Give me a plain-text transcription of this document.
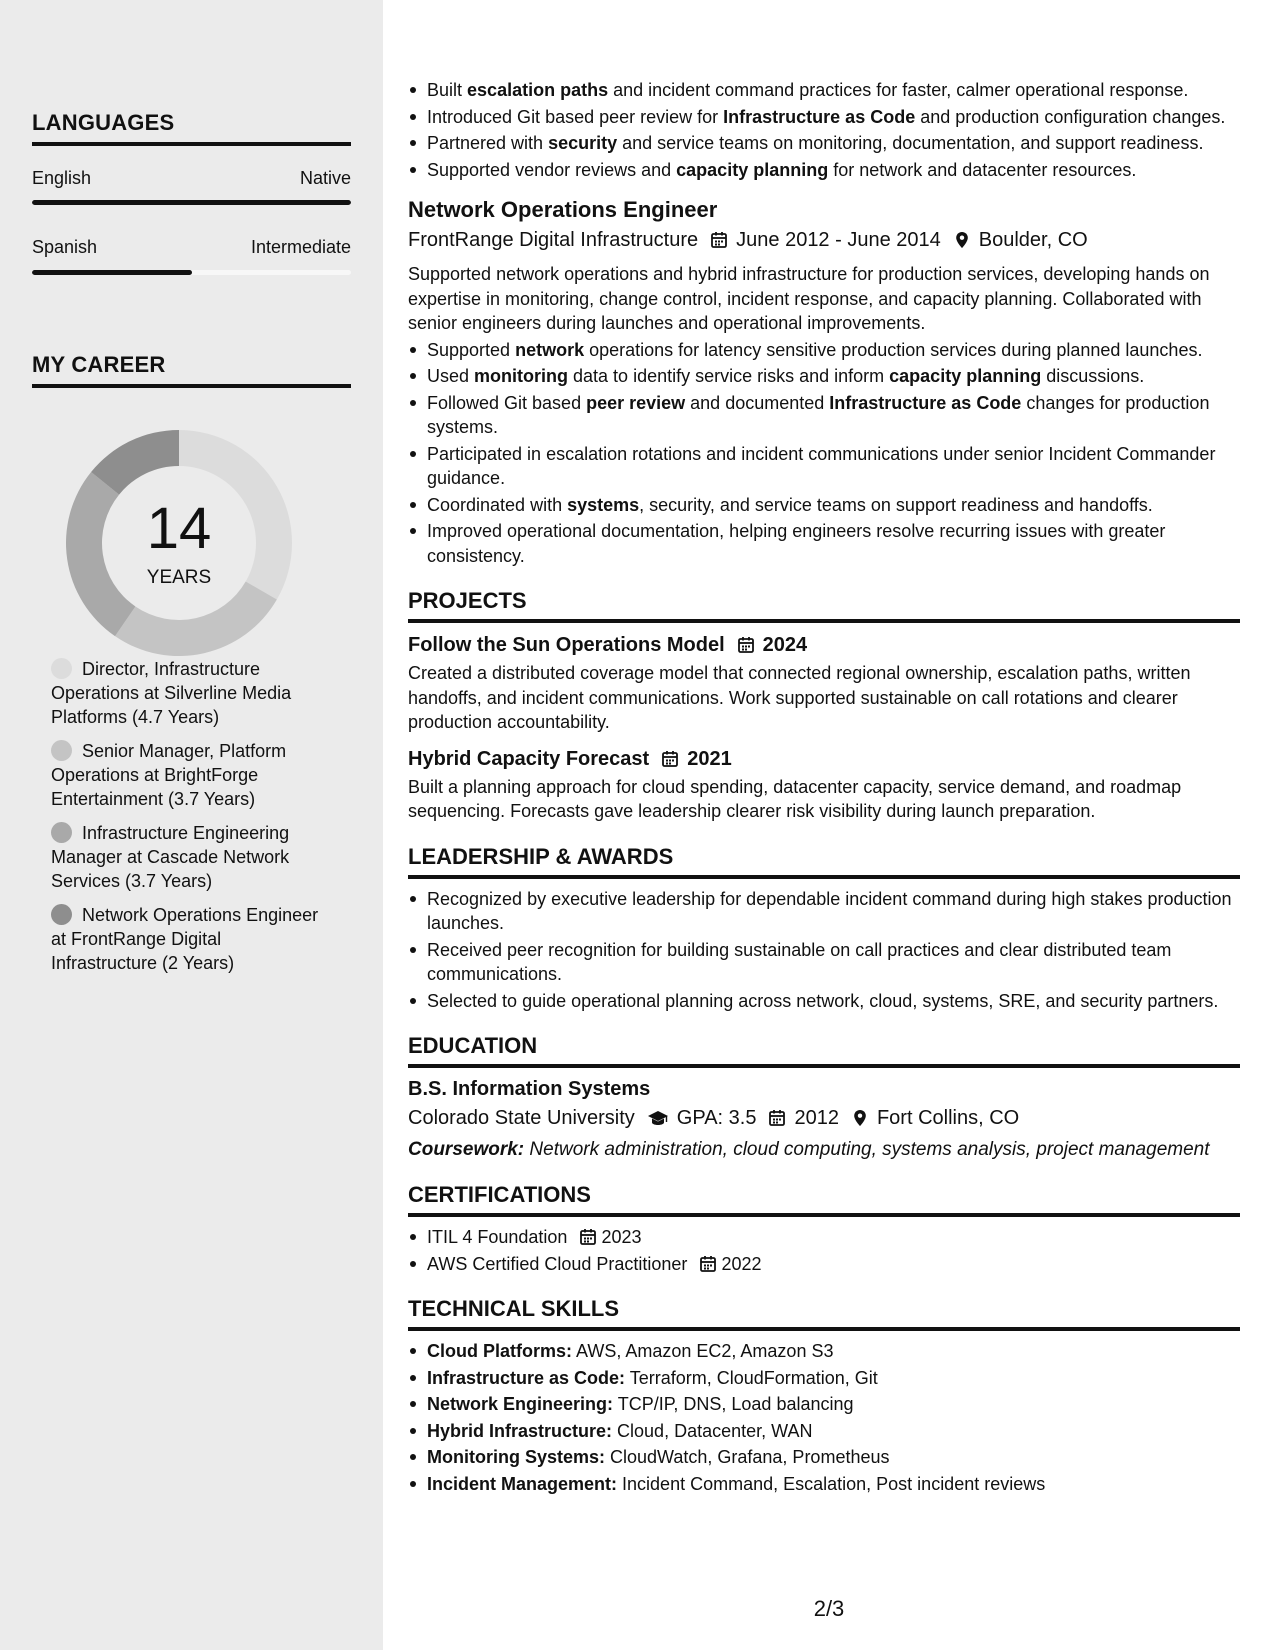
LANGUAGES
English	Native
Spanish	Intermediate
MY CAREER
14
YEARS
Director, Infrastructure Operations at Silverline Media Platforms (4.7 Years)
Senior Manager, Platform Operations at BrightForge Entertainment (3.7 Years)
Infrastructure Engineering Manager at Cascade Network Services (3.7 Years)
Network Operations Engineer at FrontRange Digital Infrastructure (2 Years)
Built escalation paths and incident command practices for faster, calmer operational response.
Introduced Git based peer review for Infrastructure as Code and production configuration changes.
Partnered with security and service teams on monitoring, documentation, and support readiness.
Supported vendor reviews and capacity planning for network and datacenter resources.
Network Operations Engineer
FrontRange Digital Infrastructure June 2012 - June 2014 Boulder, CO
Supported network operations and hybrid infrastructure for production services, developing hands on expertise in monitoring, change control, incident response, and capacity planning. Collaborated with senior engineers during launches and operational improvements.
Supported network operations for latency sensitive production services during planned launches.
Used monitoring data to identify service risks and inform capacity planning discussions.
Followed Git based peer review and documented Infrastructure as Code changes for production systems.
Participated in escalation rotations and incident communications under senior Incident Commander guidance.
Coordinated with systems, security, and service teams on support readiness and handoffs.
Improved operational documentation, helping engineers resolve recurring issues with greater consistency.
PROJECTS
Follow the Sun Operations Model 2024
Created a distributed coverage model that connected regional ownership, escalation paths, written handoffs, and incident communications. Work supported sustainable on call rotations and clearer production accountability.
Hybrid Capacity Forecast 2021
Built a planning approach for cloud spending, datacenter capacity, service demand, and roadmap sequencing. Forecasts gave leadership clearer risk visibility during launch preparation.
LEADERSHIP & AWARDS
Recognized by executive leadership for dependable incident command during high stakes production launches.
Received peer recognition for building sustainable on call practices and clear distributed team communications.
Selected to guide operational planning across network, cloud, systems, SRE, and security partners.
EDUCATION
B.S. Information Systems
Colorado State University GPA: 3.5 2012 Fort Collins, CO
Coursework: Network administration, cloud computing, systems analysis, project management
CERTIFICATIONS
ITIL 4 Foundation 2023
AWS Certified Cloud Practitioner 2022
TECHNICAL SKILLS
Cloud Platforms: AWS, Amazon EC2, Amazon S3
Infrastructure as Code: Terraform, CloudFormation, Git
Network Engineering: TCP/IP, DNS, Load balancing
Hybrid Infrastructure: Cloud, Datacenter, WAN
Monitoring Systems: CloudWatch, Grafana, Prometheus
Incident Management: Incident Command, Escalation, Post incident reviews
2/3
